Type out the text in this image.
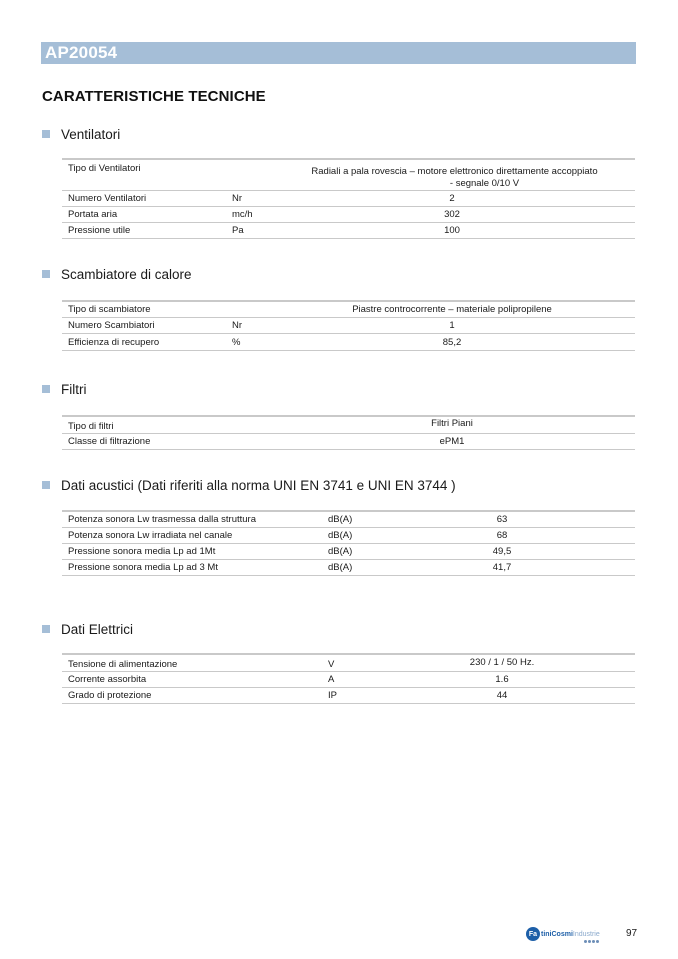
AP20054
CARATTERISTICHE TECNICHE
Ventilatori
Tipo di Ventilatori	Radiali a pala rovescia – motore elettronico direttamente accoppiato
- segnale 0/10 V
Numero Ventilatori	Nr	2
Portata aria	mc/h	302
Pressione utile	Pa	100
Scambiatore di calore
Tipo di scambiatore	Piastre controcorrente – materiale polipropilene
Numero Scambiatori	Nr	1
Efficienza di recupero	%	85,2
Filtri
Tipo di filtri	Filtri Piani
Classe di filtrazione	ePM1
Dati acustici (Dati riferiti alla norma UNI EN 3741 e UNI EN 3744 )
Potenza sonora Lw trasmessa dalla struttura	dB(A)	63
Potenza sonora Lw irradiata nel canale	dB(A)	68
Pressione sonora media Lp ad 1Mt	dB(A)	49,5
Pressione sonora media Lp ad 3 Mt	dB(A)	41,7
Dati Elettrici
Tensione di alimentazione	V	230 / 1 / 50 Hz.
Corrente assorbita	A	1.6
Grado di protezione	IP	44
Fa tiniCosmiIndustrie	97
